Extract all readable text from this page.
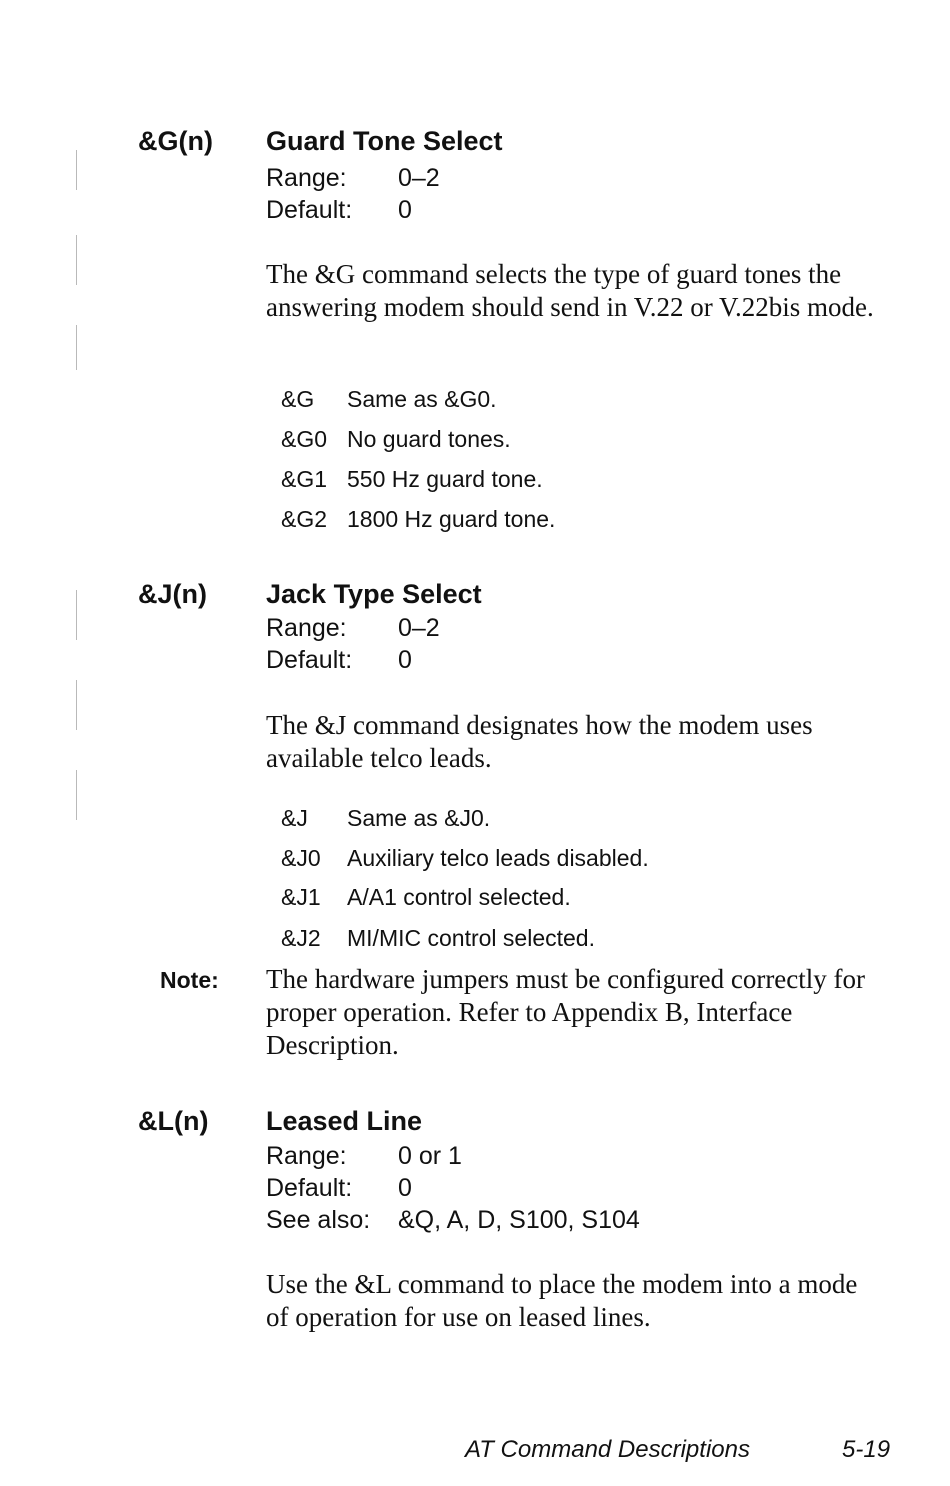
&G(n) Guard Tone Select
Range: 0–2
Default: 0
The &G command selects the type of guard tones the answering modem should send in V.22 or V.22bis mode.
&G Same as &G0.
&G0 No guard tones.
&G1 550 Hz guard tone.
&G2 1800 Hz guard tone.
&J(n) Jack Type Select
Range: 0–2
Default: 0
The &J command designates how the modem uses available telco leads.
&J Same as &J0.
&J0 Auxiliary telco leads disabled.
&J1 A/A1 control selected.
&J2 MI/MIC control selected.
Note: The hardware jumpers must be configured correctly for proper operation. Refer to Appendix B, Interface Description.
&L(n) Leased Line
Range: 0 or 1
Default: 0
See also: &Q, A, D, S100, S104
Use the &L command to place the modem into a mode of operation for use on leased lines.
AT Command Descriptions	5-19
